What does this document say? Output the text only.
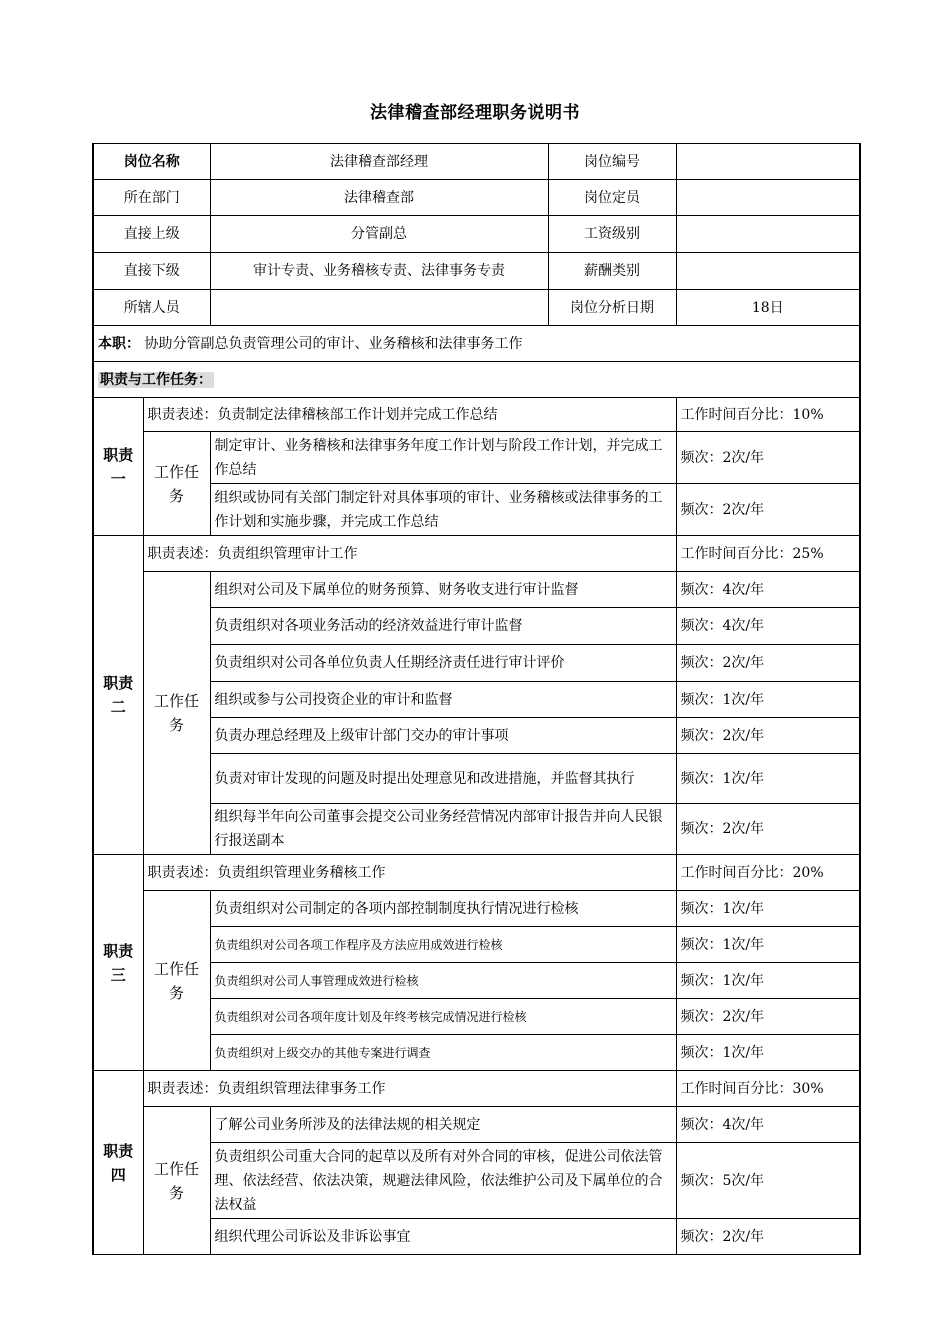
法律稽查部经理职务说明书
岗位名称		法律稽查部经理	岗位编号	
所在部门		法律稽查部	岗位定员	
直接上级		分管副总	工资级别	
直接下级		审计专责、业务稽核专责、法律事务专责	薪酬类别	
所辖人员			岗位分析日期	18日
本职： 协助分管副总负责管理公司的审计、业务稽核和法律事务工作				
职责与工作任务：				
职责一	职责表述：负责制定法律稽核部工作计划并完成工作总结			工作时间百分比：10%
	工作任务	制定审计、业务稽核和法律事务年度工作计划与阶段工作计划，并完成工作总结		频次：2次/年
		组织或协同有关部门制定针对具体事项的审计、业务稽核或法律事务的工作计划和实施步骤，并完成工作总结		频次：2次/年
职责二	职责表述：负责组织管理审计工作			工作时间百分比：25%
	工作任务	组织对公司及下属单位的财务预算、财务收支进行审计监督		频次：4次/年
		负责组织对各项业务活动的经济效益进行审计监督		频次：4次/年
		负责组织对公司各单位负责人任期经济责任进行审计评价		频次：2次/年
		组织或参与公司投资企业的审计和监督		频次：1次/年
		负责办理总经理及上级审计部门交办的审计事项		频次：2次/年
		负责对审计发现的问题及时提出处理意见和改进措施，并监督其执行		频次：1次/年
		组织每半年向公司董事会提交公司业务经营情况内部审计报告并向人民银行报送副本		频次：2次/年
职责三	职责表述：负责组织管理业务稽核工作			工作时间百分比：20%
	工作任务	负责组织对公司制定的各项内部控制制度执行情况进行检核		频次：1次/年
		负责组织对公司各项工作程序及方法应用成效进行检核		频次：1次/年
		负责组织对公司人事管理成效进行检核		频次：1次/年
		负责组织对公司各项年度计划及年终考核完成情况进行检核		频次：2次/年
		负责组织对上级交办的其他专案进行调查		频次：1次/年
职责四	职责表述：负责组织管理法律事务工作			工作时间百分比：30%
	工作任务	了解公司业务所涉及的法律法规的相关规定		频次：4次/年
		负责组织公司重大合同的起草以及所有对外合同的审核，促进公司依法管理、依法经营、依法决策，规避法律风险，依法维护公司及下属单位的合法权益		频次：5次/年
		组织代理公司诉讼及非诉讼事宜		频次：2次/年
